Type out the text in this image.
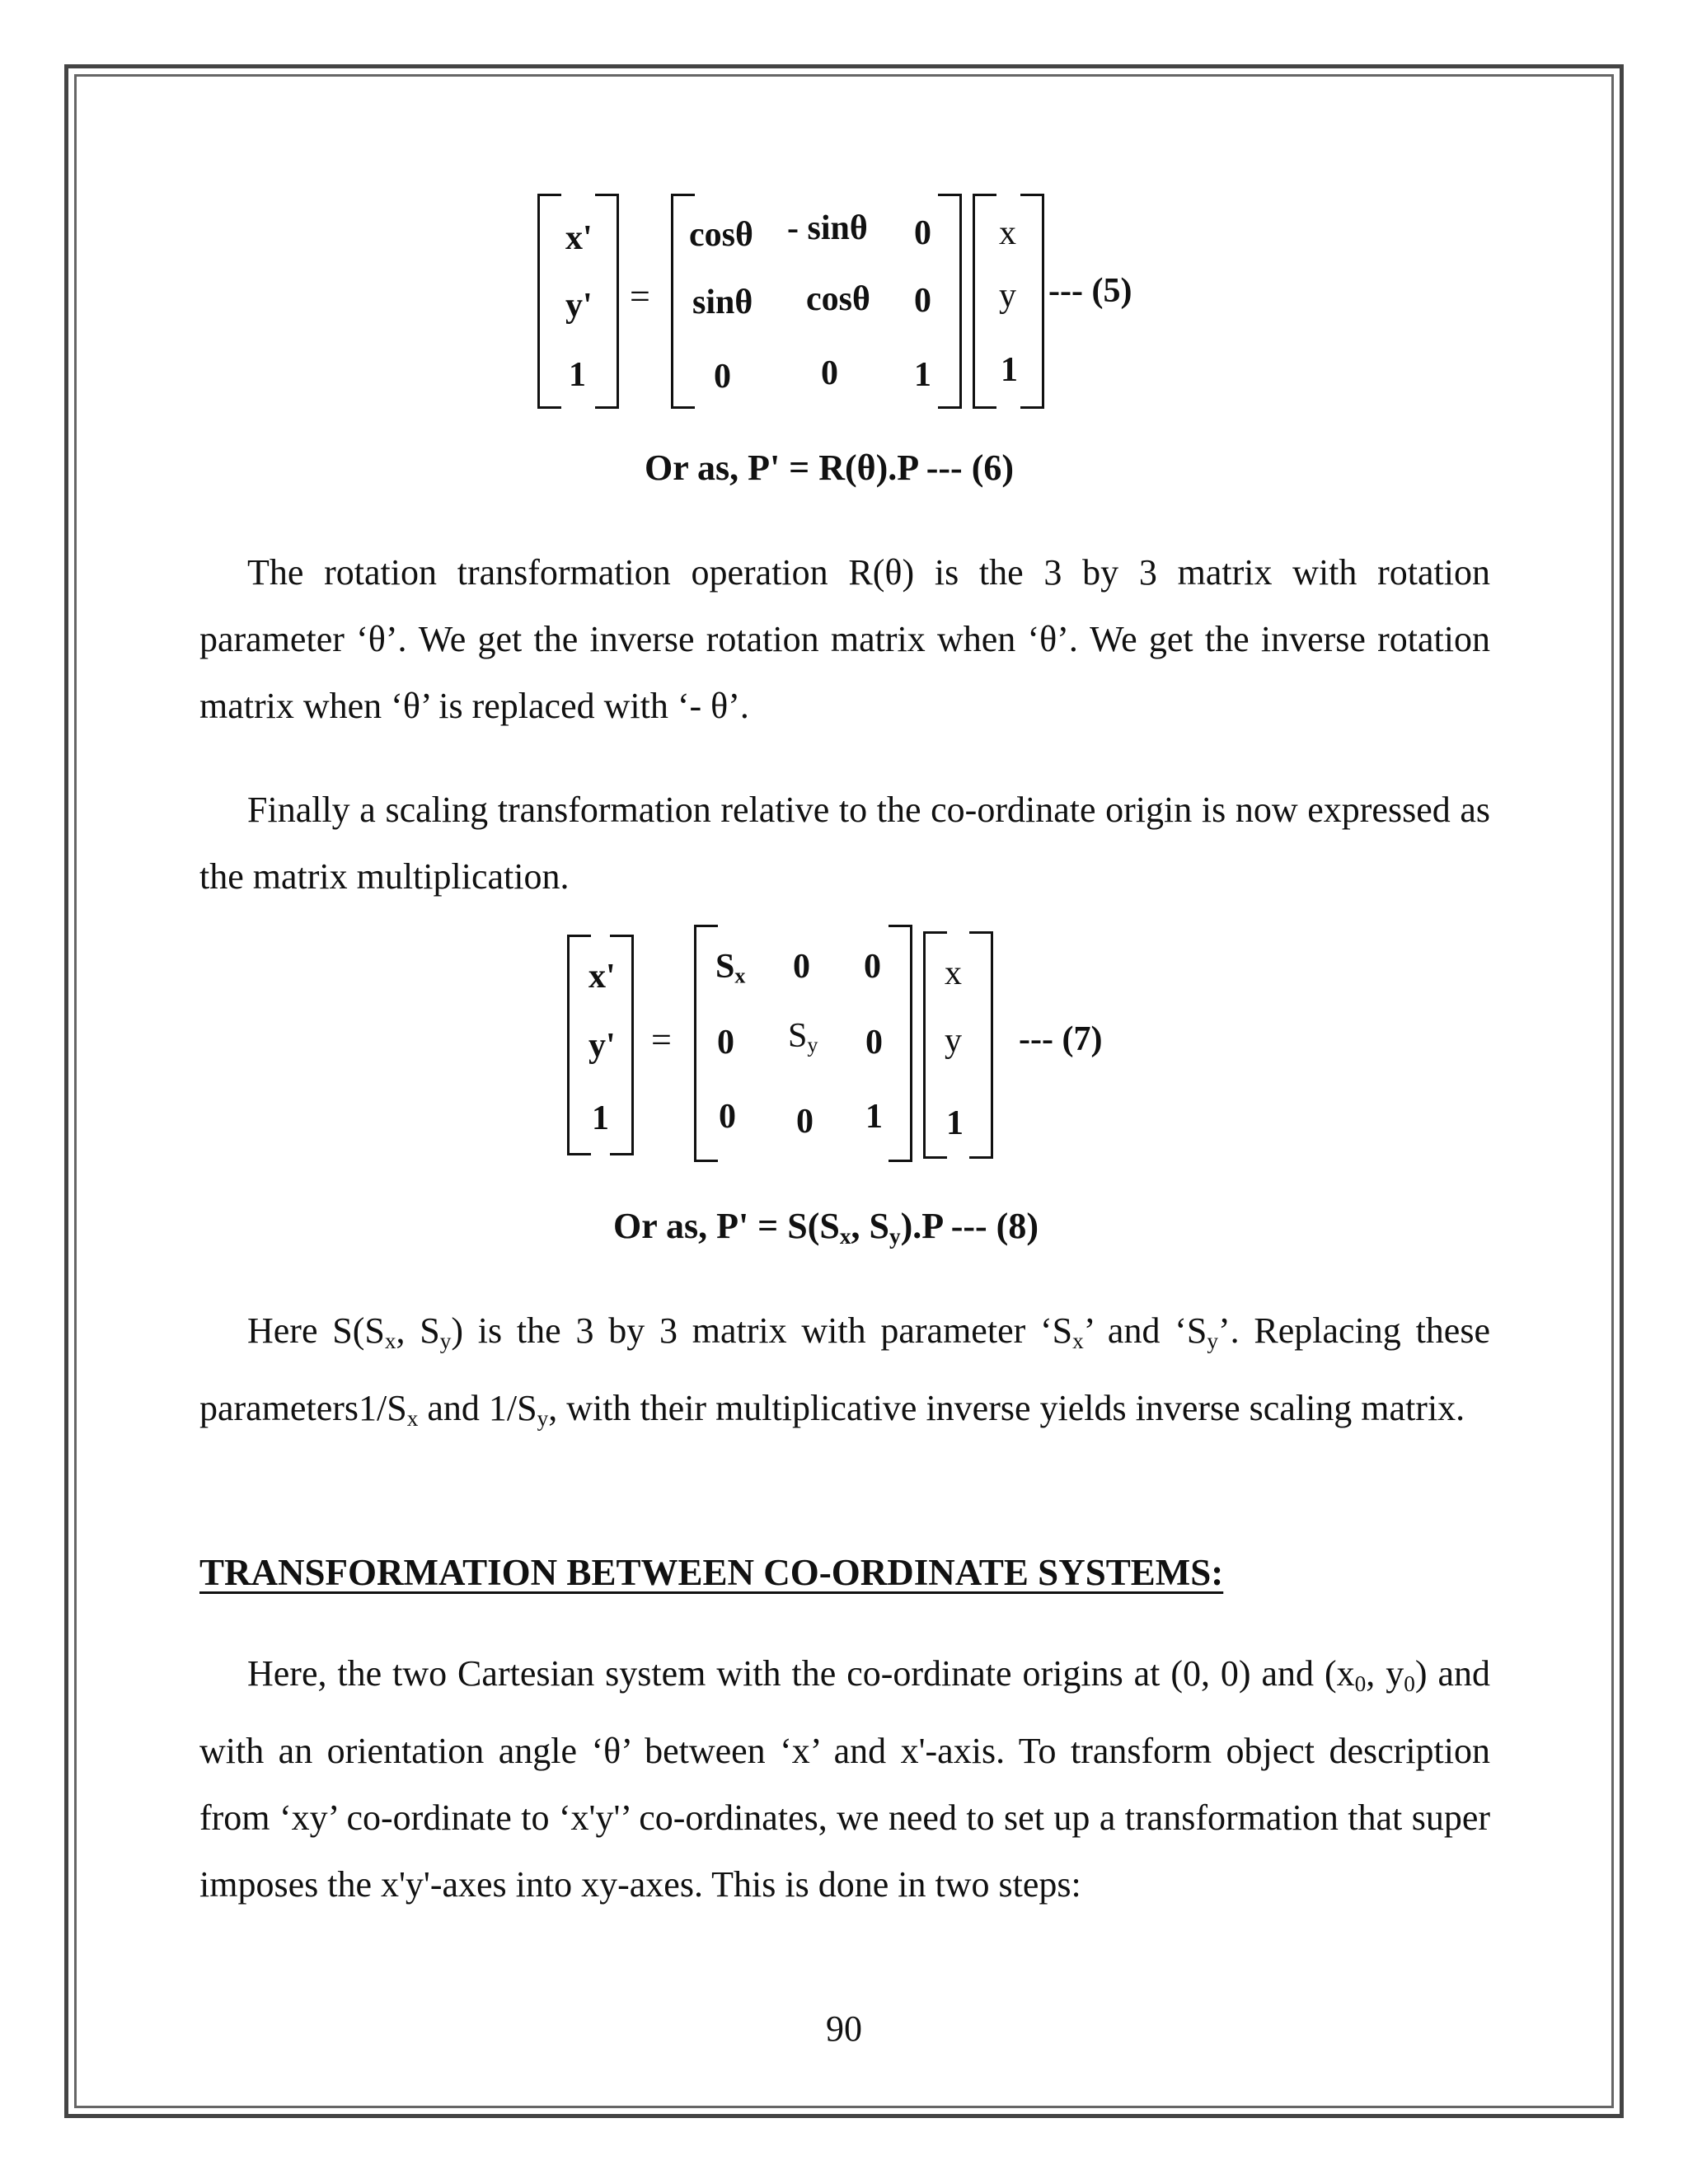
x'
y'
1
=
cosθ - sinθ 0
sinθ cosθ 0
0	0 1
x
y
1
--- (5)
Or as, P' = R(θ).P --- (6)
The rotation transformation operation R(θ) is the 3 by 3 matrix with rotation parameter ‘θ’. We get the inverse rotation matrix when ‘θ’. We get the inverse rotation matrix when ‘θ’ is replaced with ‘- θ’.
Finally a scaling transformation relative to the co-ordinate origin is now expressed as the matrix multiplication.
x'
y'
1
=
$S_x$ 0 0
0 $S_y$ 0
0 0 1
x
y
1
--- (7)
Or as, $P' = S(S_x$, $S_y).P$ --- (8)
Here $S(S_x$, $S_y$) is the 3 by 3 matrix with parameter ‘$S_x$’ and ‘$S_y$’. Replacing these $parameters1/S_x$ and $1/S_y$, with their multiplicative inverse yields inverse scaling matrix.
TRANSFORMATION BETWEEN CO-ORDINATE SYSTEMS:
Here, the two Cartesian system with the co-ordinate origins at (0, 0) and ($x_0$, $y_0$) and with an orientation angle ‘θ’ between ‘x’ and x'-axis. To transform object description from ‘xy’ co-ordinate to ‘x'y'’ co-ordinates, we need to set up a transformation that super imposes the x'y'-axes into xy-axes. This is done in two steps:
90
